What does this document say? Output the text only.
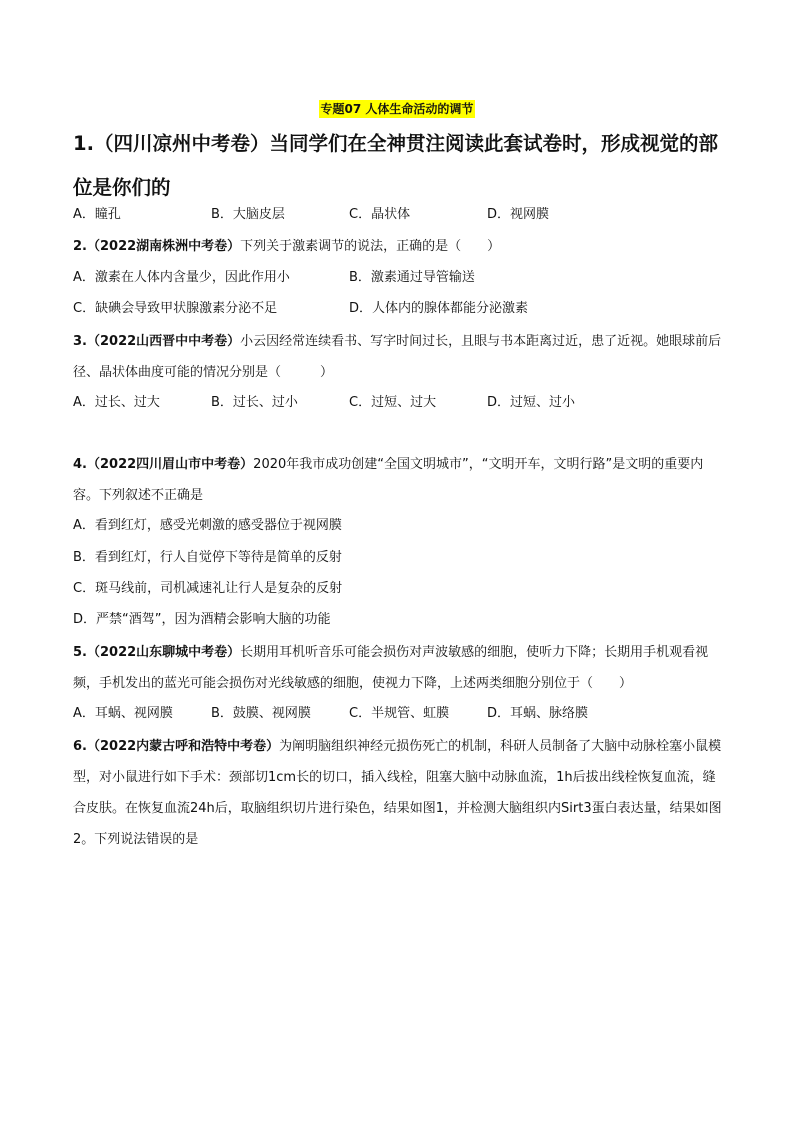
专题07 人体生命活动的调节
1.（四川凉州中考卷）当同学们在全神贯注阅读此套试卷时，形成视觉的部位是你们的
A．瞳孔	B．大脑皮层	C．晶状体	D．视网膜
2.（2022湖南株洲中考卷）下列关于激素调节的说法，正确的是（　　）
A．激素在人体内含量少，因此作用小	B．激素通过导管输送
C．缺碘会导致甲状腺激素分泌不足	D．人体内的腺体都能分泌激素
3.（2022山西晋中中考卷）小云因经常连续看书、写字时间过长，且眼与书本距离过近，患了近视。她眼球前后径、晶状体曲度可能的情况分别是（　　　）
A．过长、过大	B．过长、过小	C．过短、过大	D．过短、过小
4.（2022四川眉山市中考卷）2020年我市成功创建“全国文明城市”，“文明开车，文明行路”是文明的重要内容。下列叙述不正确是
A．看到红灯，感受光刺激的感受器位于视网膜
B．看到红灯，行人自觉停下等待是简单的反射
C．斑马线前，司机减速礼让行人是复杂的反射
D．严禁“酒驾”，因为酒精会影响大脑的功能
5.（2022山东聊城中考卷）长期用耳机听音乐可能会损伤对声波敏感的细胞，使听力下降；长期用手机观看视频，手机发出的蓝光可能会损伤对光线敏感的细胞，使视力下降，上述两类细胞分别位于（　　）
A．耳蜗、视网膜	B．鼓膜、视网膜	C．半规管、虹膜	D．耳蜗、脉络膜
6.（2022内蒙古呼和浩特中考卷）为阐明脑组织神经元损伤死亡的机制，科研人员制备了大脑中动脉栓塞小鼠模型，对小鼠进行如下手术：颈部切1cm长的切口，插入线栓，阻塞大脑中动脉血流，1h后拔出线栓恢复血流，缝合皮肤。在恢复血流24h后，取脑组织切片进行染色，结果如图1，并检测大脑组织内Sirt3蛋白表达量，结果如图2。下列说法错误的是
